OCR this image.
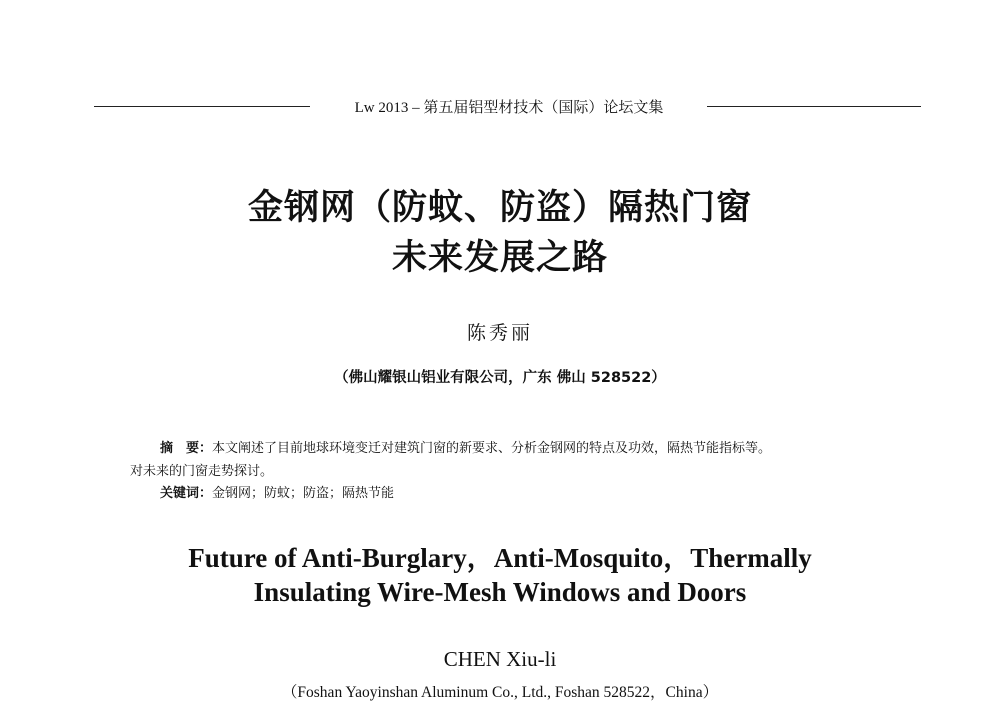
Lw 2013 – 第五届铝型材技术（国际）论坛文集
金钢网（防蚊、防盗）隔热门窗
未来发展之路
陈秀丽
（佛山耀银山铝业有限公司，广东 佛山 528522）
摘　要：本文阐述了目前地球环境变迁对建筑门窗的新要求、分析金钢网的特点及功效，隔热节能指标等。
对未来的门窗走势探讨。
关键词：金钢网；防蚊；防盗；隔热节能
Future of Anti-Burglary，Anti-Mosquito，Thermally
Insulating Wire-Mesh Windows and Doors
CHEN Xiu-li
（Foshan Yaoyinshan Aluminum Co., Ltd., Foshan 528522，China）
